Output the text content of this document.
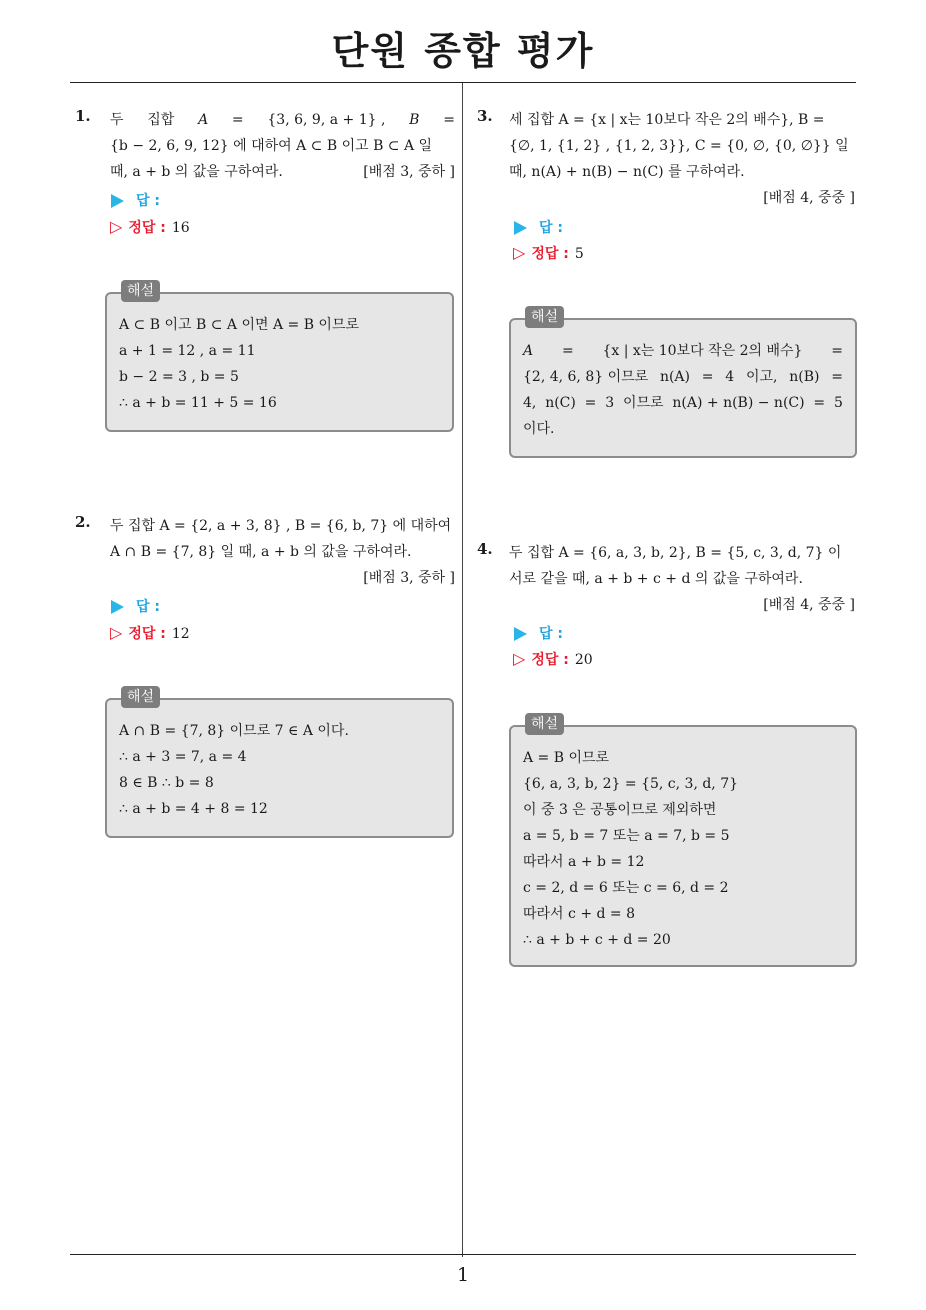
단원 종합 평가
1. 두 집합 A = {3, 6, 9, a + 1} , B =
{b − 2, 6, 9, 12} 에 대하여 A ⊂ B 이고 B ⊂ A 일
때, a + b 의 값을 구하여라.	[배점 3, 중하 ]
답 :
▷ 정답 : 16
해설
A ⊂ B 이고 B ⊂ A 이면 A = B 이므로
a + 1 = 12 , a = 11
b − 2 = 3 , b = 5
∴ a + b = 11 + 5 = 16
2. 두 집합 A = {2, a + 3, 8} , B = {6, b, 7} 에 대하여
A ∩ B = {7, 8} 일 때, a + b 의 값을 구하여라.
[배점 3, 중하 ]
답 :
▷ 정답 : 12
해설
A ∩ B = {7, 8} 이므로 7 ∈ A 이다.
∴ a + 3 = 7, a = 4
8 ∈ B ∴ b = 8
∴ a + b = 4 + 8 = 12
3. 세 집합 A = {x | x는 10보다 작은 2의 배수}, B =
{∅, 1, {1, 2} , {1, 2, 3}}, C = {0, ∅, {0, ∅}} 일
때, n(A) + n(B) − n(C) 를 구하여라.
[배점 4, 중중 ]
답 :
▷ 정답 : 5
해설
A = {x | x는 10보다 작은 2의 배수} =
{2, 4, 6, 8} 이므로 n(A) = 4 이고, n(B) =
4, n(C) = 3 이므로 n(A) + n(B) − n(C) = 5
이다.
4. 두 집합 A = {6, a, 3, b, 2}, B = {5, c, 3, d, 7} 이
서로 같을 때, a + b + c + d 의 값을 구하여라.
[배점 4, 중중 ]
답 :
▷ 정답 : 20
해설
A = B 이므로
{6, a, 3, b, 2} = {5, c, 3, d, 7}
이 중 3 은 공통이므로 제외하면
a = 5, b = 7 또는 a = 7, b = 5
따라서 a + b = 12
c = 2, d = 6 또는 c = 6, d = 2
따라서 c + d = 8
∴ a + b + c + d = 20
1
